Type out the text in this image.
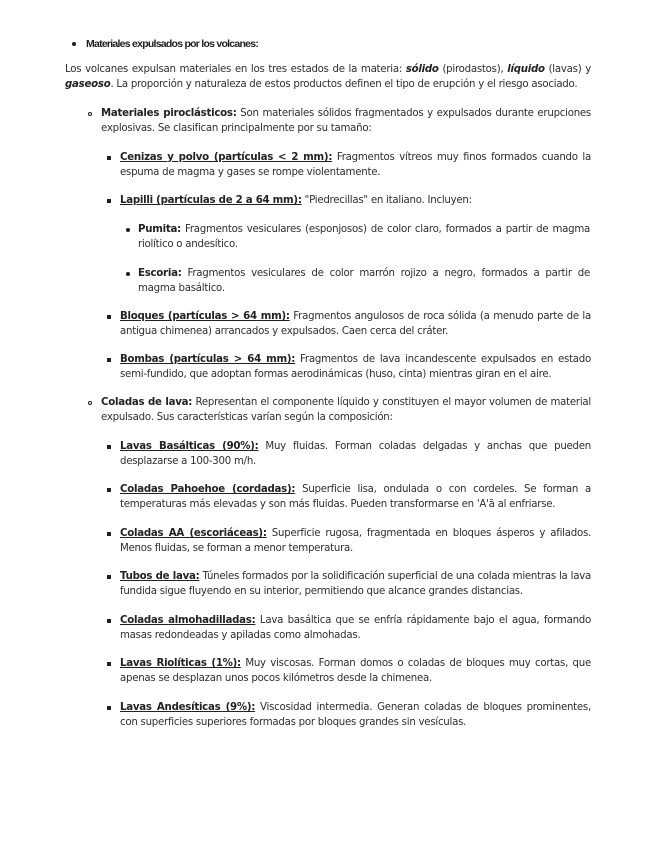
Materiales expulsados por los volcanes:
Los volcanes expulsan materiales en los tres estados de la materia: sólido (pirodastos), líquido (lavas) y gaseoso. La proporción y naturaleza de estos productos definen el tipo de erupción y el riesgo asociado.
Materiales piroclásticos: Son materiales sólidos fragmentados y expulsados durante erupciones explosivas. Se clasifican principalmente por su tamaño:
Cenizas y polvo (partículas < 2 mm): Fragmentos vítreos muy finos formados cuando la espuma de magma y gases se rompe violentamente.
Lapilli (partículas de 2 a 64 mm): "Piedrecillas" en italiano. Incluyen:
Pumita: Fragmentos vesiculares (esponjosos) de color claro, formados a partir de magma riolítico o andesítico.
Escoria: Fragmentos vesiculares de color marrón rojizo a negro, formados a partir de magma basáltico.
Bloques (partículas > 64 mm): Fragmentos angulosos de roca sólida (a menudo parte de la antigua chimenea) arrancados y expulsados. Caen cerca del cráter.
Bombas (partículas > 64 mm): Fragmentos de lava incandescente expulsados en estado semi-fundido, que adoptan formas aerodinámicas (huso, cinta) mientras giran en el aire.
Coladas de lava: Representan el componente líquido y constituyen el mayor volumen de material expulsado. Sus características varían según la composición:
Lavas Basálticas (90%): Muy fluidas. Forman coladas delgadas y anchas que pueden desplazarse a 100-300 m/h.
Coladas Pahoehoe (cordadas): Superficie lisa, ondulada o con cordeles. Se forman a temperaturas más elevadas y son más fluidas. Pueden transformarse en 'A'ā al enfriarse.
Coladas AA (escoriáceas): Superficie rugosa, fragmentada en bloques ásperos y afilados. Menos fluidas, se forman a menor temperatura.
Tubos de lava: Túneles formados por la solidificación superficial de una colada mientras la lava fundida sigue fluyendo en su interior, permitiendo que alcance grandes distancias.
Coladas almohadilladas: Lava basáltica que se enfría rápidamente bajo el agua, formando masas redondeadas y apiladas como almohadas.
Lavas Riolíticas (1%): Muy viscosas. Forman domos o coladas de bloques muy cortas, que apenas se desplazan unos pocos kilómetros desde la chimenea.
Lavas Andesíticas (9%): Viscosidad intermedia. Generan coladas de bloques prominentes, con superficies superiores formadas por bloques grandes sin vesículas.
